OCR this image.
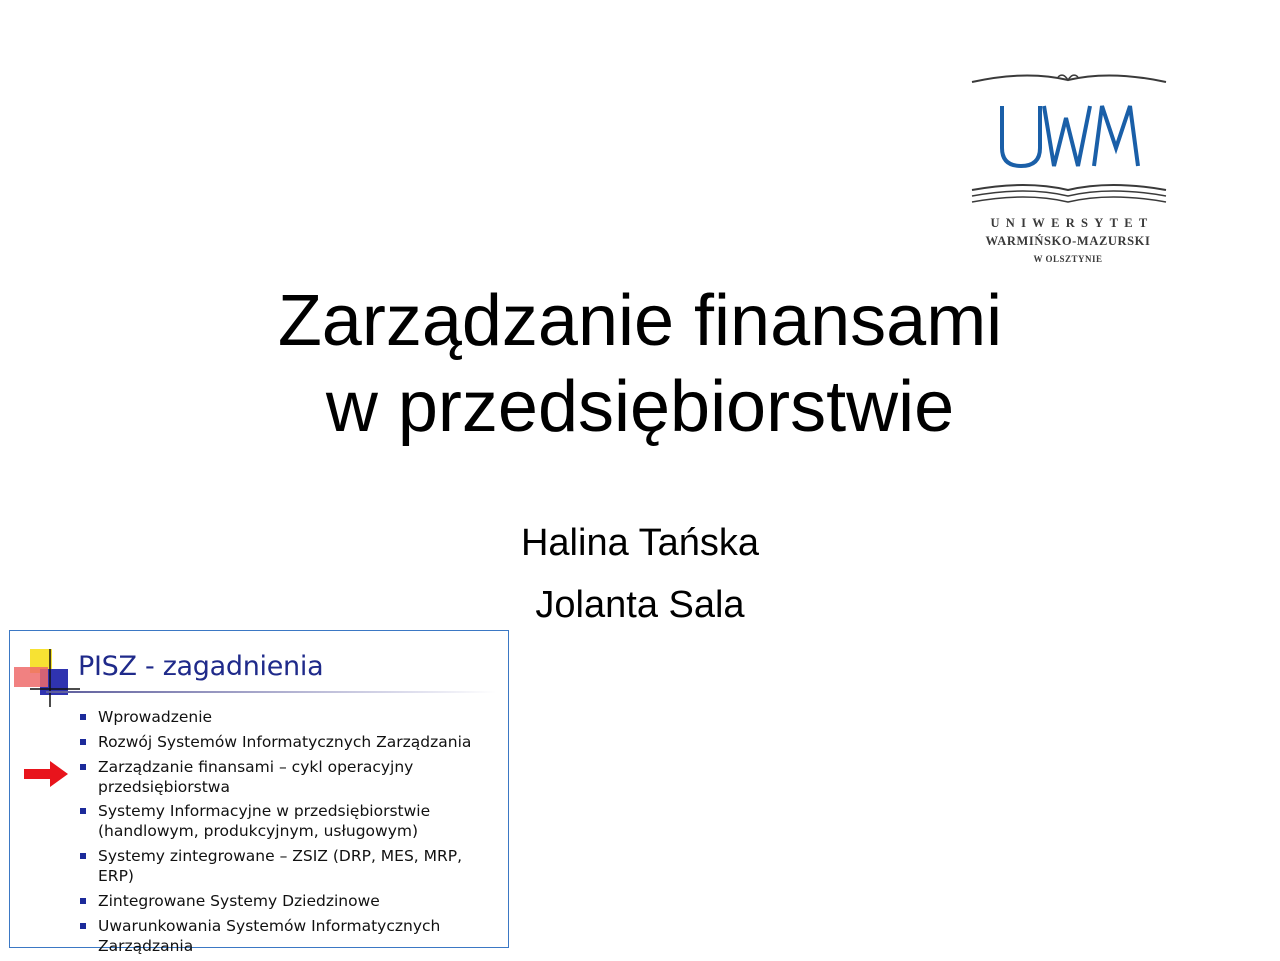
UNIWERSYTET
WARMIŃSKO-MAZURSKI
W OLSZTYNIE
Zarządzanie finansami
w przedsiębiorstwie
Halina Tańska
Jolanta Sala
PISZ - zagadnienia
Wprowadzenie
Rozwój Systemów Informatycznych Zarządzania
Zarządzanie finansami – cykl operacyjny
przedsiębiorstwa
Systemy Informacyjne w przedsiębiorstwie
(handlowym, produkcyjnym, usługowym)
Systemy zintegrowane – ZSIZ (DRP, MES, MRP, ERP)
Zintegrowane Systemy Dziedzinowe
Uwarunkowania Systemów Informatycznych
Zarządzania
